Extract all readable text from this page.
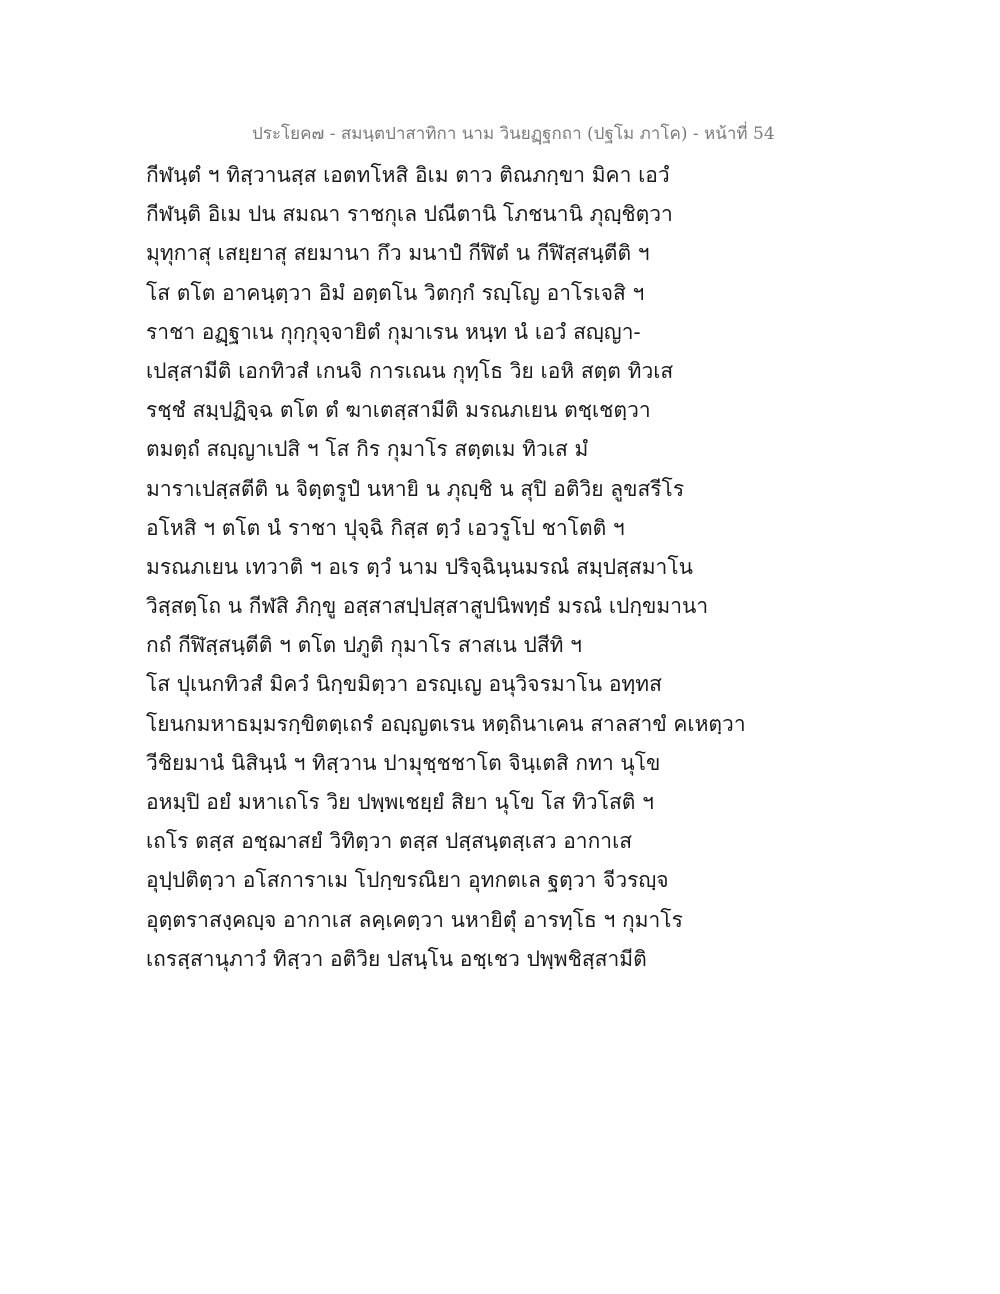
ประโยค๗ - สมนฺตปาสาทิกา นาม วินยฏฺฐกถา (ปฐโม ภาโค) - หน้าที่ 54
กีฬนฺตํ ฯ ทิสฺวานสฺส เอตทโหสิ อิเม ตาว ติณภกฺขา มิคา เอวํ
กีฬนฺติ อิเม ปน สมณา ราชกุเล ปณีตานิ โภชนานิ ภุญฺชิตฺวา
มุทุกาสุ เสยฺยาสุ สยมานา กึว มนาปํ กีฬิตํ น กีฬิสฺสนฺตีติ ฯ
โส ตโต อาคนฺตฺวา อิมํ อตฺตโน วิตกฺกํ รญฺโญ อาโรเจสิ ฯ
ราชา อฏฺฐาเน กุกฺกุจฺจายิตํ กุมาเรน หนฺท นํ เอวํ สญฺญา-
เปสฺสามีติ เอกทิวสํ เกนจิ การเณน กุทฺโธ วิย เอหิ สตฺต ทิวเส
รชฺชํ สมฺปฏิจฺฉ ตโต ตํ ฆาเตสฺสามีติ มรณภเยน ตชฺเชตฺวา
ตมตฺถํ สญฺญาเปสิ ฯ โส กิร กุมาโร สตฺตเม ทิวเส มํ
มาราเปสฺสตีติ น จิตฺตรูปํ นหายิ น ภุญฺชิ น สุปิ อติวิย ลูขสรีโร
อโหสิ ฯ ตโต นํ ราชา ปุจฺฉิ กิสฺส ตฺวํ เอวรูโป ชาโตติ ฯ
มรณภเยน เทวาติ ฯ อเร ตฺวํ นาม ปริจฺฉินฺนมรณํ สมฺปสฺสมาโน
วิสฺสตฺโถ น กีฬสิ ภิกฺขู อสฺสาสปฺปสฺสาสูปนิพทฺธํ มรณํ เปกฺขมานา
กถํ กีฬิสฺสนฺตีติ ฯ ตโต ปภูติ กุมาโร สาสเน ปสีทิ ฯ
โส ปุเนกทิวสํ มิควํ นิกฺขมิตฺวา อรญฺเญ อนุวิจรมาโน อทฺทส
โยนกมหาธมฺมรกฺขิตตฺเถรํ อญฺญตเรน หตฺถินาเคน สาลสาขํ คเหตฺวา
วีชิยมานํ นิสินฺนํ ฯ ทิสฺวาน ปามุชฺชชาโต จินฺเตสิ กทา นุโข
อหมฺปิ อยํ มหาเถโร วิย ปพฺพเชยฺยํ สิยา นุโข โส ทิวโสติ ฯ
เถโร ตสฺส อชฺฌาสยํ วิทิตฺวา ตสฺส ปสฺสนฺตสฺเสว อากาเส
อุปฺปติตฺวา อโสการาเม โปกฺขรณิยา อุทกตเล ฐตฺวา จีวรญฺจ
อุตฺตราสงฺคญฺจ อากาเส ลคฺเคตฺวา นหายิตุํ อารทฺโธ ฯ กุมาโร
เถรสฺสานุภาวํ ทิสฺวา อติวิย ปสนฺโน อชฺเชว ปพฺพชิสฺสามีติ
